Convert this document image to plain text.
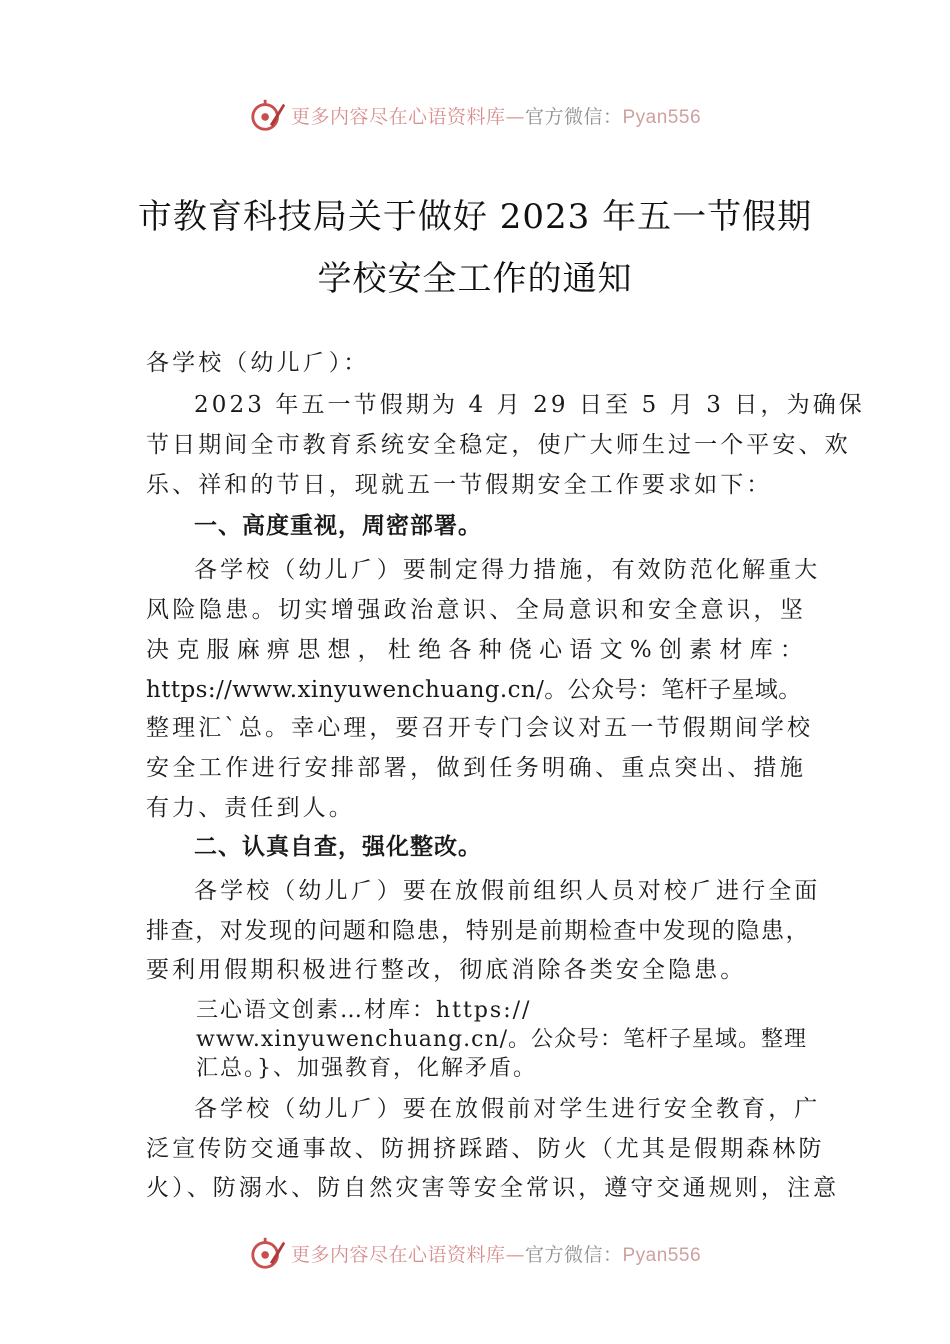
更多内容尽在心语资料库—官方微信：Pyan556
市教育科技局关于做好 2023 年五一节假期
学校安全工作的通知
各学校（幼儿⺁）：
2023 年五一节假期为 4 月 29 日至 5 月 3 日，为确保
节日期间全市教育系统安全稳定，使广大师生过一个平安、欢
乐、祥和的节日，现就五一节假期安全工作要求如下：
一、高度重视，周密部署。
各学校（幼儿⺁）要制定得力措施，有效防范化解重大
风险隐患。切实增强政治意识、全局意识和安全意识，坚
决克服麻痹思想，杜绝各种侥心语文%创素材库：
https://www.xinyuwenchuang.cn/。公众号：笔杆子星域。
整理汇`总。幸心理，要召开专门会议对五一节假期间学校
安全工作进行安排部署，做到任务明确、重点突出、措施
有力、责任到人。
二、认真自查，强化整改。
各学校（幼儿⺁）要在放假前组织人员对校⺁进行全面
排查，对发现的问题和隐患，特别是前期检查中发现的隐患，
要利用假期积极进行整改，彻底消除各类安全隐患。
三心语文创素…材库：https://
www.xinyuwenchuang.cn/。公众号：笔杆子星域。整理
汇总。}、加强教育，化解矛盾。
各学校（幼儿⺁）要在放假前对学生进行安全教育，广
泛宣传防交通事故、防拥挤踩踏、防火（尤其是假期森林防
火）、防溺水、防自然灾害等安全常识，遵守交通规则，注意
更多内容尽在心语资料库—官方微信：Pyan556
